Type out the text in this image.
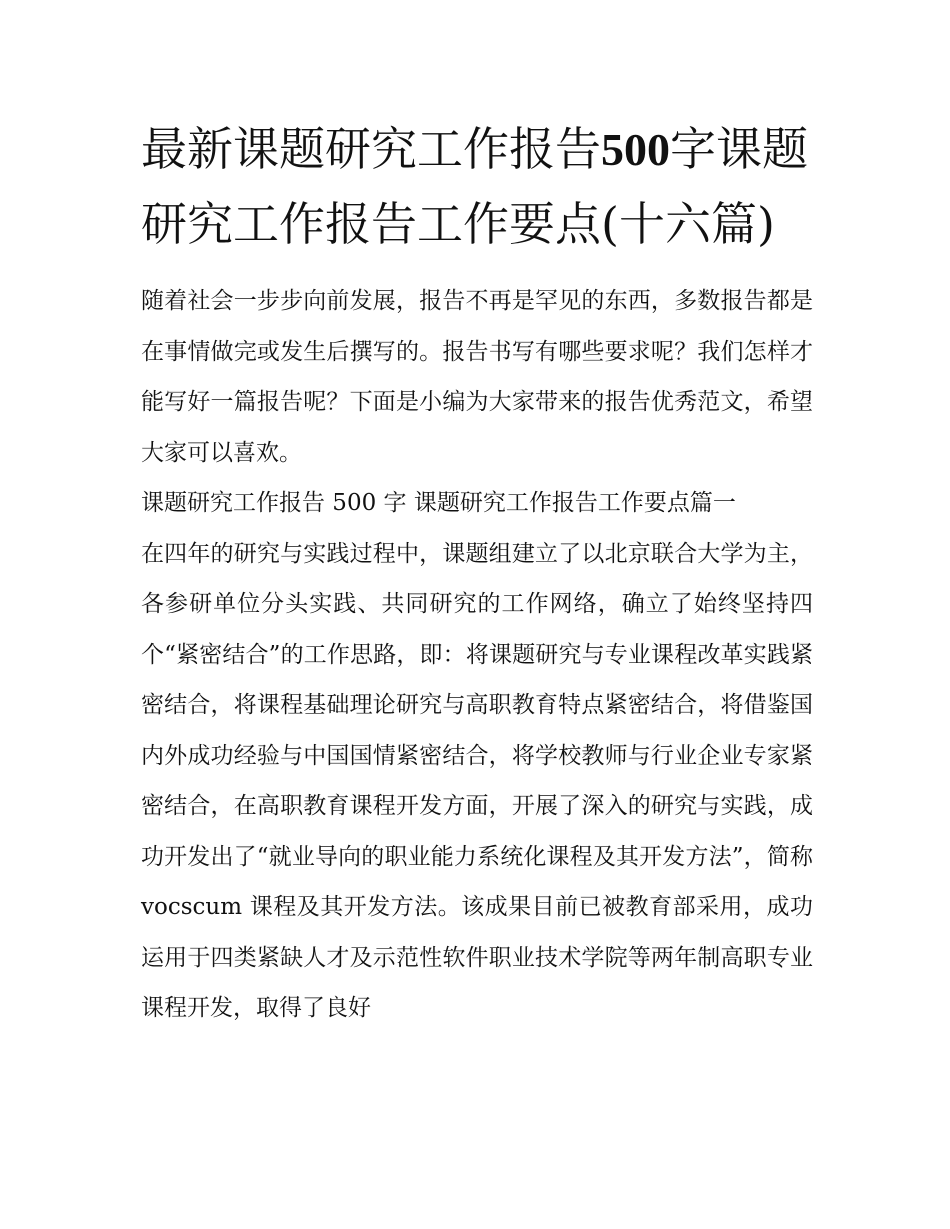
最新课题研究工作报告500字课题研究工作报告工作要点(十六篇)

随着社会一步步向前发展，报告不再是罕见的东西，多数报告都是在事情做完或发生后撰写的。报告书写有哪些要求呢？我们怎样才能写好一篇报告呢？下面是小编为大家带来的报告优秀范文，希望大家可以喜欢。

课题研究工作报告 500 字 课题研究工作报告工作要点篇一

在四年的研究与实践过程中，课题组建立了以北京联合大学为主，各参研单位分头实践、共同研究的工作网络，确立了始终坚持四个“紧密结合”的工作思路，即：将课题研究与专业课程改革实践紧密结合，将课程基础理论研究与高职教育特点紧密结合，将借鉴国内外成功经验与中国国情紧密结合，将学校教师与行业企业专家紧密结合，在高职教育课程开发方面，开展了深入的研究与实践，成功开发出了“就业导向的职业能力系统化课程及其开发方法”，简称 vocscum 课程及其开发方法。该成果目前已被教育部采用，成功运用于四类紧缺人才及示范性软件职业技术学院等两年制高职专业课程开发，取得了良好
